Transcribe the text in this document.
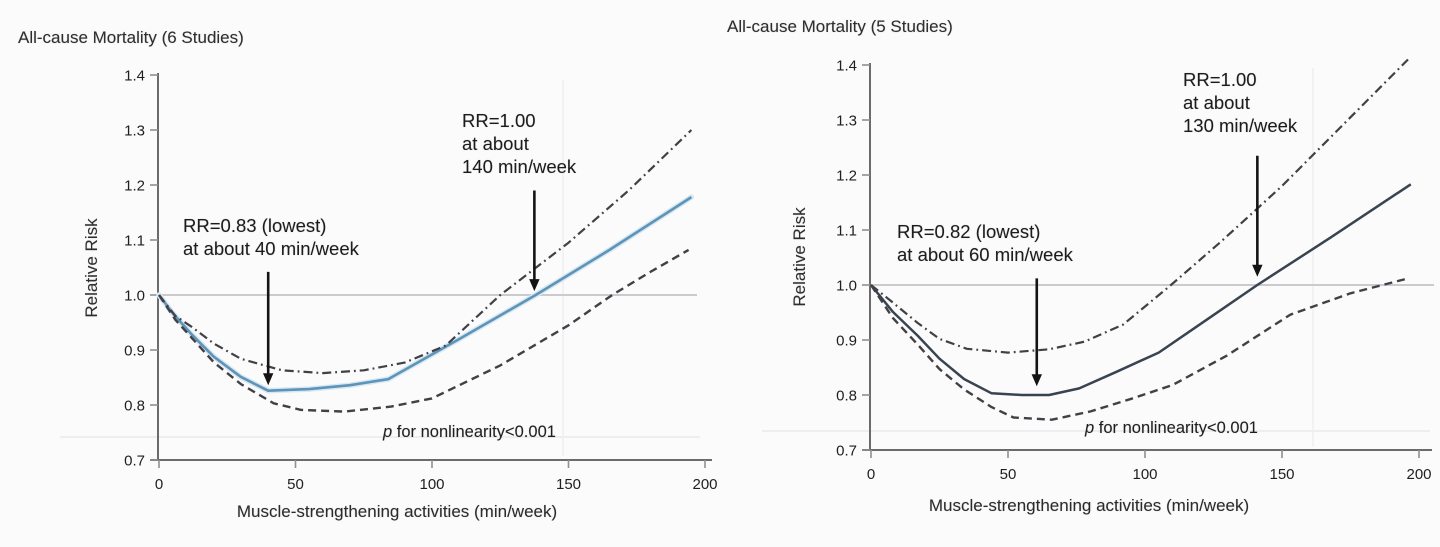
0.7
0.8
0.9
1.0
1.1
1.2
1.3
1.4
0	50	100	150	200
0.7
0.8
0.9
1.0
1.1
1.2
1.3
1.4
0	50	100	150	200
All-cause Mortality (6 Studies)
All-cause Mortality (5 Studies)
Relative Risk	Relative Risk
Muscle-strengthening activities (min/week)	Muscle-strengthening activities (min/week)
p for nonlinearity<0.001	p for nonlinearity<0.001
RR=0.83 (lowest)
at about 40 min/week
RR=1.00
at about
140 min/week
RR=0.82 (lowest)
at about 60 min/week
RR=1.00
at about
130 min/week
